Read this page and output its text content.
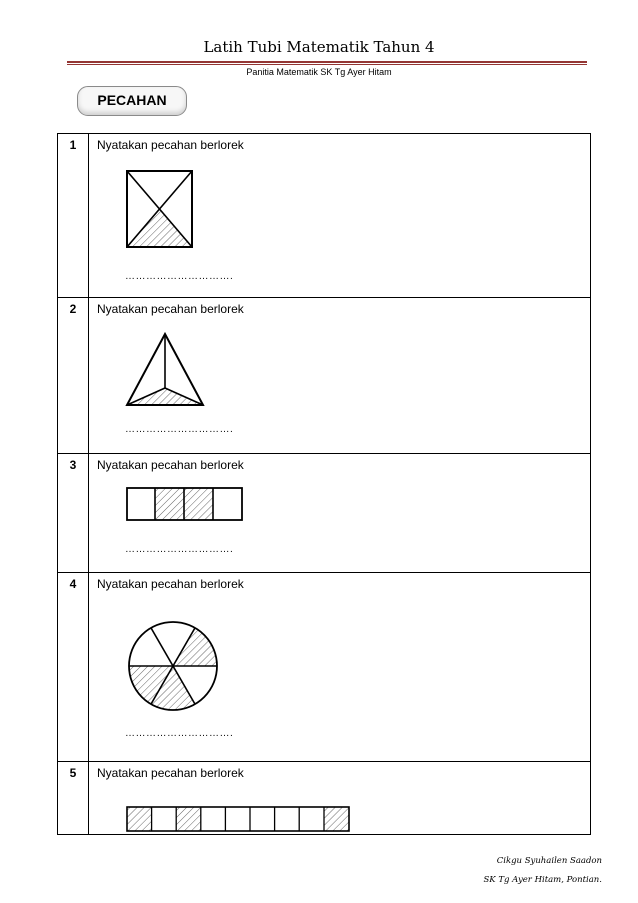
Latih Tubi Matematik Tahun 4
Panitia Matematik SK Tg Ayer Hitam
PECAHAN
1	Nyatakan pecahan berlorek
………………………….

2	Nyatakan pecahan berlorek
………………………….

3	Nyatakan pecahan berlorek
………………………….

4	Nyatakan pecahan berlorek
………………………….

5	Nyatakan pecahan berlorek
Cikgu Syuhailen Saadon
SK Tg Ayer Hitam, Pontian.
